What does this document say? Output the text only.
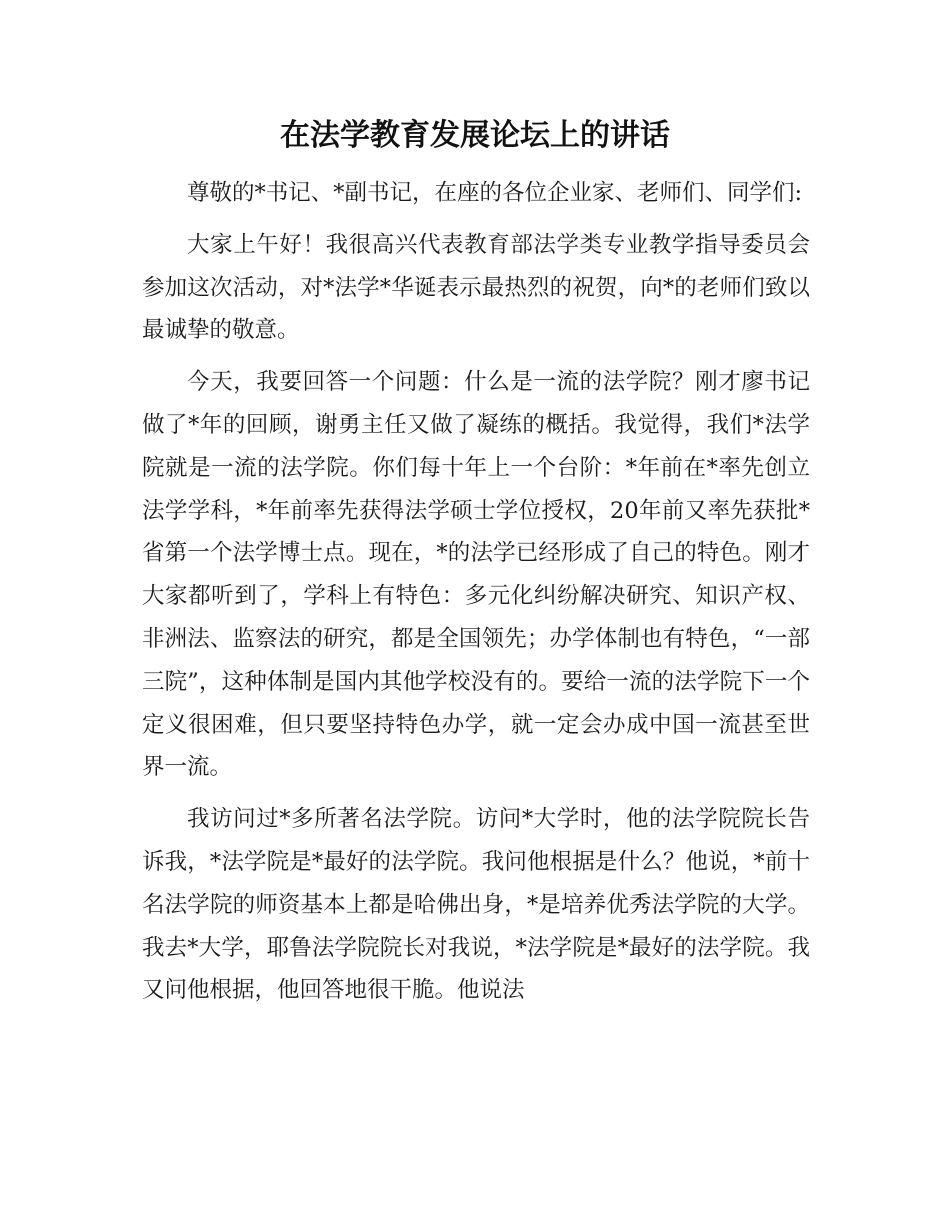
在法学教育发展论坛上的讲话

尊敬的*书记、*副书记，在座的各位企业家、老师们、同学们:

大家上午好！我很高兴代表教育部法学类专业教学指导委员会参加这次活动，对*法学*华诞表示最热烈的祝贺，向*的老师们致以最诚挚的敬意。

今天，我要回答一个问题：什么是一流的法学院？刚才廖书记做了*年的回顾，谢勇主任又做了凝练的概括。我觉得，我们*法学院就是一流的法学院。你们每十年上一个台阶：*年前在*率先创立法学学科，*年前率先获得法学硕士学位授权，20年前又率先获批*省第一个法学博士点。现在，*的法学已经形成了自己的特色。刚才大家都听到了，学科上有特色：多元化纠纷解决研究、知识产权、非洲法、监察法的研究，都是全国领先；办学体制也有特色，“一部三院”，这种体制是国内其他学校没有的。要给一流的法学院下一个定义很困难，但只要坚持特色办学，就一定会办成中国一流甚至世界一流。

我访问过*多所著名法学院。访问*大学时，他的法学院院长告诉我，*法学院是*最好的法学院。我问他根据是什么？他说，*前十名法学院的师资基本上都是哈佛出身，*是培养优秀法学院的大学。我去*大学，耶鲁法学院院长对我说，*法学院是*最好的法学院。我又问他根据，他回答地很干脆。他说法
